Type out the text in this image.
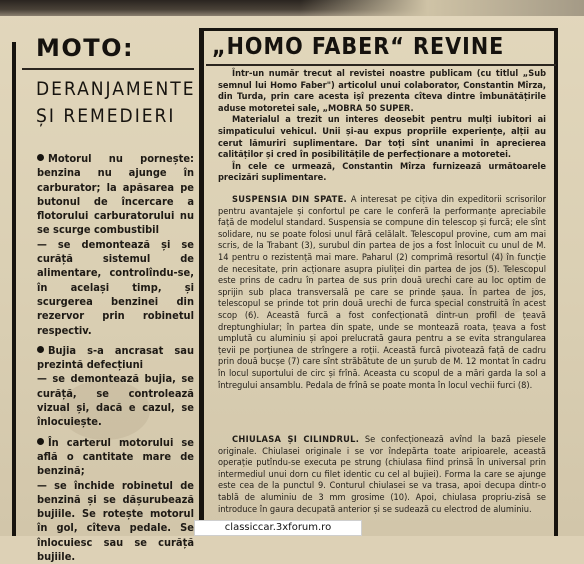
MOTO:
DERANJAMENTE
ȘI REMEDIERI

Motorul nu pornește: benzina nu ajunge în carburator; la apăsarea pe butonul de încercare a flotorului carburatorului nu se scurge combustibil

— se demontează și se curăță sistemul de alimentare, controlîndu-se, în același timp, și scurgerea benzinei din rezervor prin robinetul respectiv.

Bujia s-a ancrasat sau prezintă defecțiuni

— se demontează bujia, se curăță, se controlează vizual și, dacă e cazul, se înlocuiește.

În carterul motorului se află o cantitate mare de benzină;

— se închide robinetul de benzină și se dășurubează bujiile. Se rotește motorul în gol, cîteva pedale. Se înlocuiesc sau se curăță bujiile.

„HOMO FABER“ REVINE

Într-un număr trecut al revistei noastre publicam (cu titlul „Sub semnul lui Homo Faber") articolul unui colaborator, Constantin Mîrza, din Turda, prin care acesta ișî prezenta cîteva dintre îmbunătățirile aduse motoretei sale, „MOBRA 50 SUPER.

Materialul a trezit un interes deosebit pentru mulți iubitori ai simpaticului vehicul. Unii și-au expus propriile experiențe, alții au cerut lămuriri suplimentare. Dar toți sînt unanimi în aprecierea calităților și cred în posibilitățile de perfecționare a motoretei.

În cele ce urmează, Constantin Mîrza furnizează următoarele precizări suplimentare.

SUSPENSIA DIN SPATE. A interesat pe cițiva din expeditorii scrisorilor pentru avantajele și confortul pe care le conferă la performanțe apreciabile față de modelul standard. Suspensia se compune din telescop și furcă; ele sînt solidare, nu se poate folosi unul fără celălalt. Telescopul provine, cum am mai scris, de la Trabant (3), surubul din partea de jos a fost înlocuit cu unul de M. 14 pentru o rezistență mai mare. Paharul (2) comprimă resortul (4) în funcție de necesitate, prin acționare asupra piuliței din partea de jos (5). Telescopul este prins de cadru în partea de sus prin două urechi care au loc optim de sprijin sub placa transversală pe care se prinde șaua. În partea de jos, telescopul se prinde tot prin două urechi de furca special construită în acest scop (6). Această furcă a fost confecționată dintr-un profil de țeavă dreptunghiular; în partea din spate, unde se montează roata, țeava a fost umplută cu aluminiu și apoi prelucrată gaura pentru a se evita strangularea țevii pe porțiunea de strîngere a roții. Această furcă pivotează față de cadru prin două bucșe (7) care sînt străbătute de un șurub de M. 12 montat în cadru în locul suportului de circ și frînă. Aceasta cu scopul de a mări garda la sol a întregului ansamblu. Pedala de frînă se poate monta în locul vechii furci (8).

CHIULASA ȘI CILINDRUL. Se confecționează avînd la bază piesele originale. Chiulasei originale i se vor îndepărta toate aripioarele, această operație putîndu-se executa pe strung (chiulasa fiind prinsă în universal prin intermediul unui dorn cu filet identic cu cel al bujiei). Forma la care se ajunge este cea de la punctul 9. Conturul chiulasei se va trasa, apoi decupa dintr-o tablă de aluminiu de 3 mm grosime (10). Apoi, chiulasa propriu-zisă se introduce în gaura decupată anterior și se sudează cu electrod de aluminiu.

classiccar.3xforum.ro
